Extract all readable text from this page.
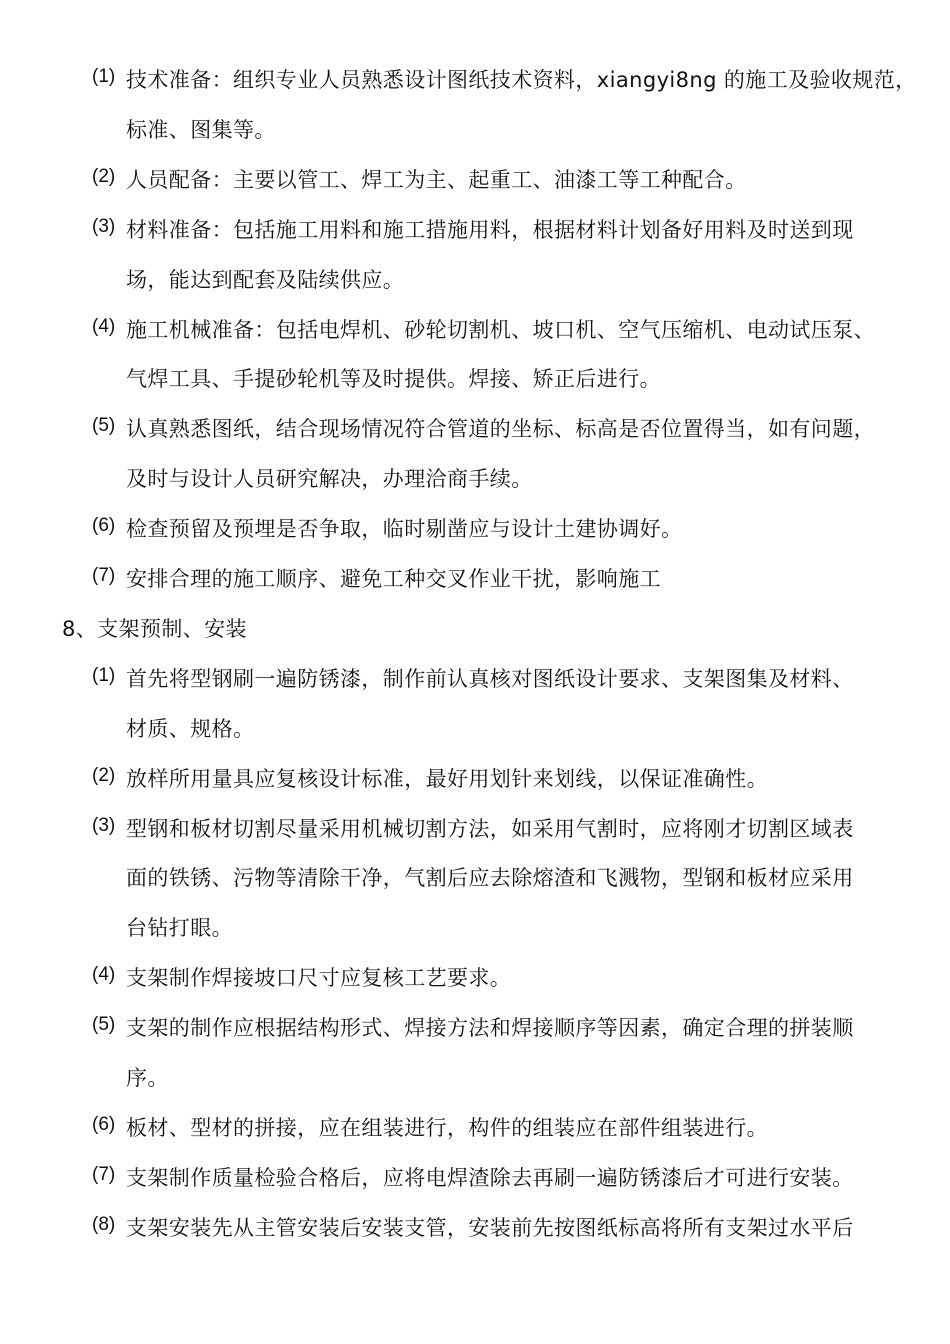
(1) 技术准备：组织专业人员熟悉设计图纸技术资料，xiangyi8ng 的施工及验收规范，
标准、图集等。
(2) 人员配备：主要以管工、焊工为主、起重工、油漆工等工种配合。
(3) 材料准备：包括施工用料和施工措施用料，根据材料计划备好用料及时送到现
场，能达到配套及陆续供应。
(4) 施工机械准备：包括电焊机、砂轮切割机、坡口机、空气压缩机、电动试压泵、
气焊工具、手提砂轮机等及时提供。焊接、矫正后进行。
(5) 认真熟悉图纸，结合现场情况符合管道的坐标、标高是否位置得当，如有问题，
及时与设计人员研究解决，办理洽商手续。
(6) 检查预留及预埋是否争取，临时剔凿应与设计土建协调好。
(7) 安排合理的施工顺序、避免工种交叉作业干扰，影响施工
8、支架预制、安装
(1) 首先将型钢刷一遍防锈漆，制作前认真核对图纸设计要求、支架图集及材料、
材质、规格。
(2) 放样所用量具应复核设计标准，最好用划针来划线，以保证准确性。
(3) 型钢和板材切割尽量采用机械切割方法，如采用气割时，应将刚才切割区域表
面的铁锈、污物等清除干净，气割后应去除熔渣和飞溅物，型钢和板材应采用
台钻打眼。
(4) 支架制作焊接坡口尺寸应复核工艺要求。
(5) 支架的制作应根据结构形式、焊接方法和焊接顺序等因素，确定合理的拼装顺
序。
(6) 板材、型材的拼接，应在组装进行，构件的组装应在部件组装进行。
(7) 支架制作质量检验合格后，应将电焊渣除去再刷一遍防锈漆后才可进行安装。
(8) 支架安装先从主管安装后安装支管，安装前先按图纸标高将所有支架过水平后
